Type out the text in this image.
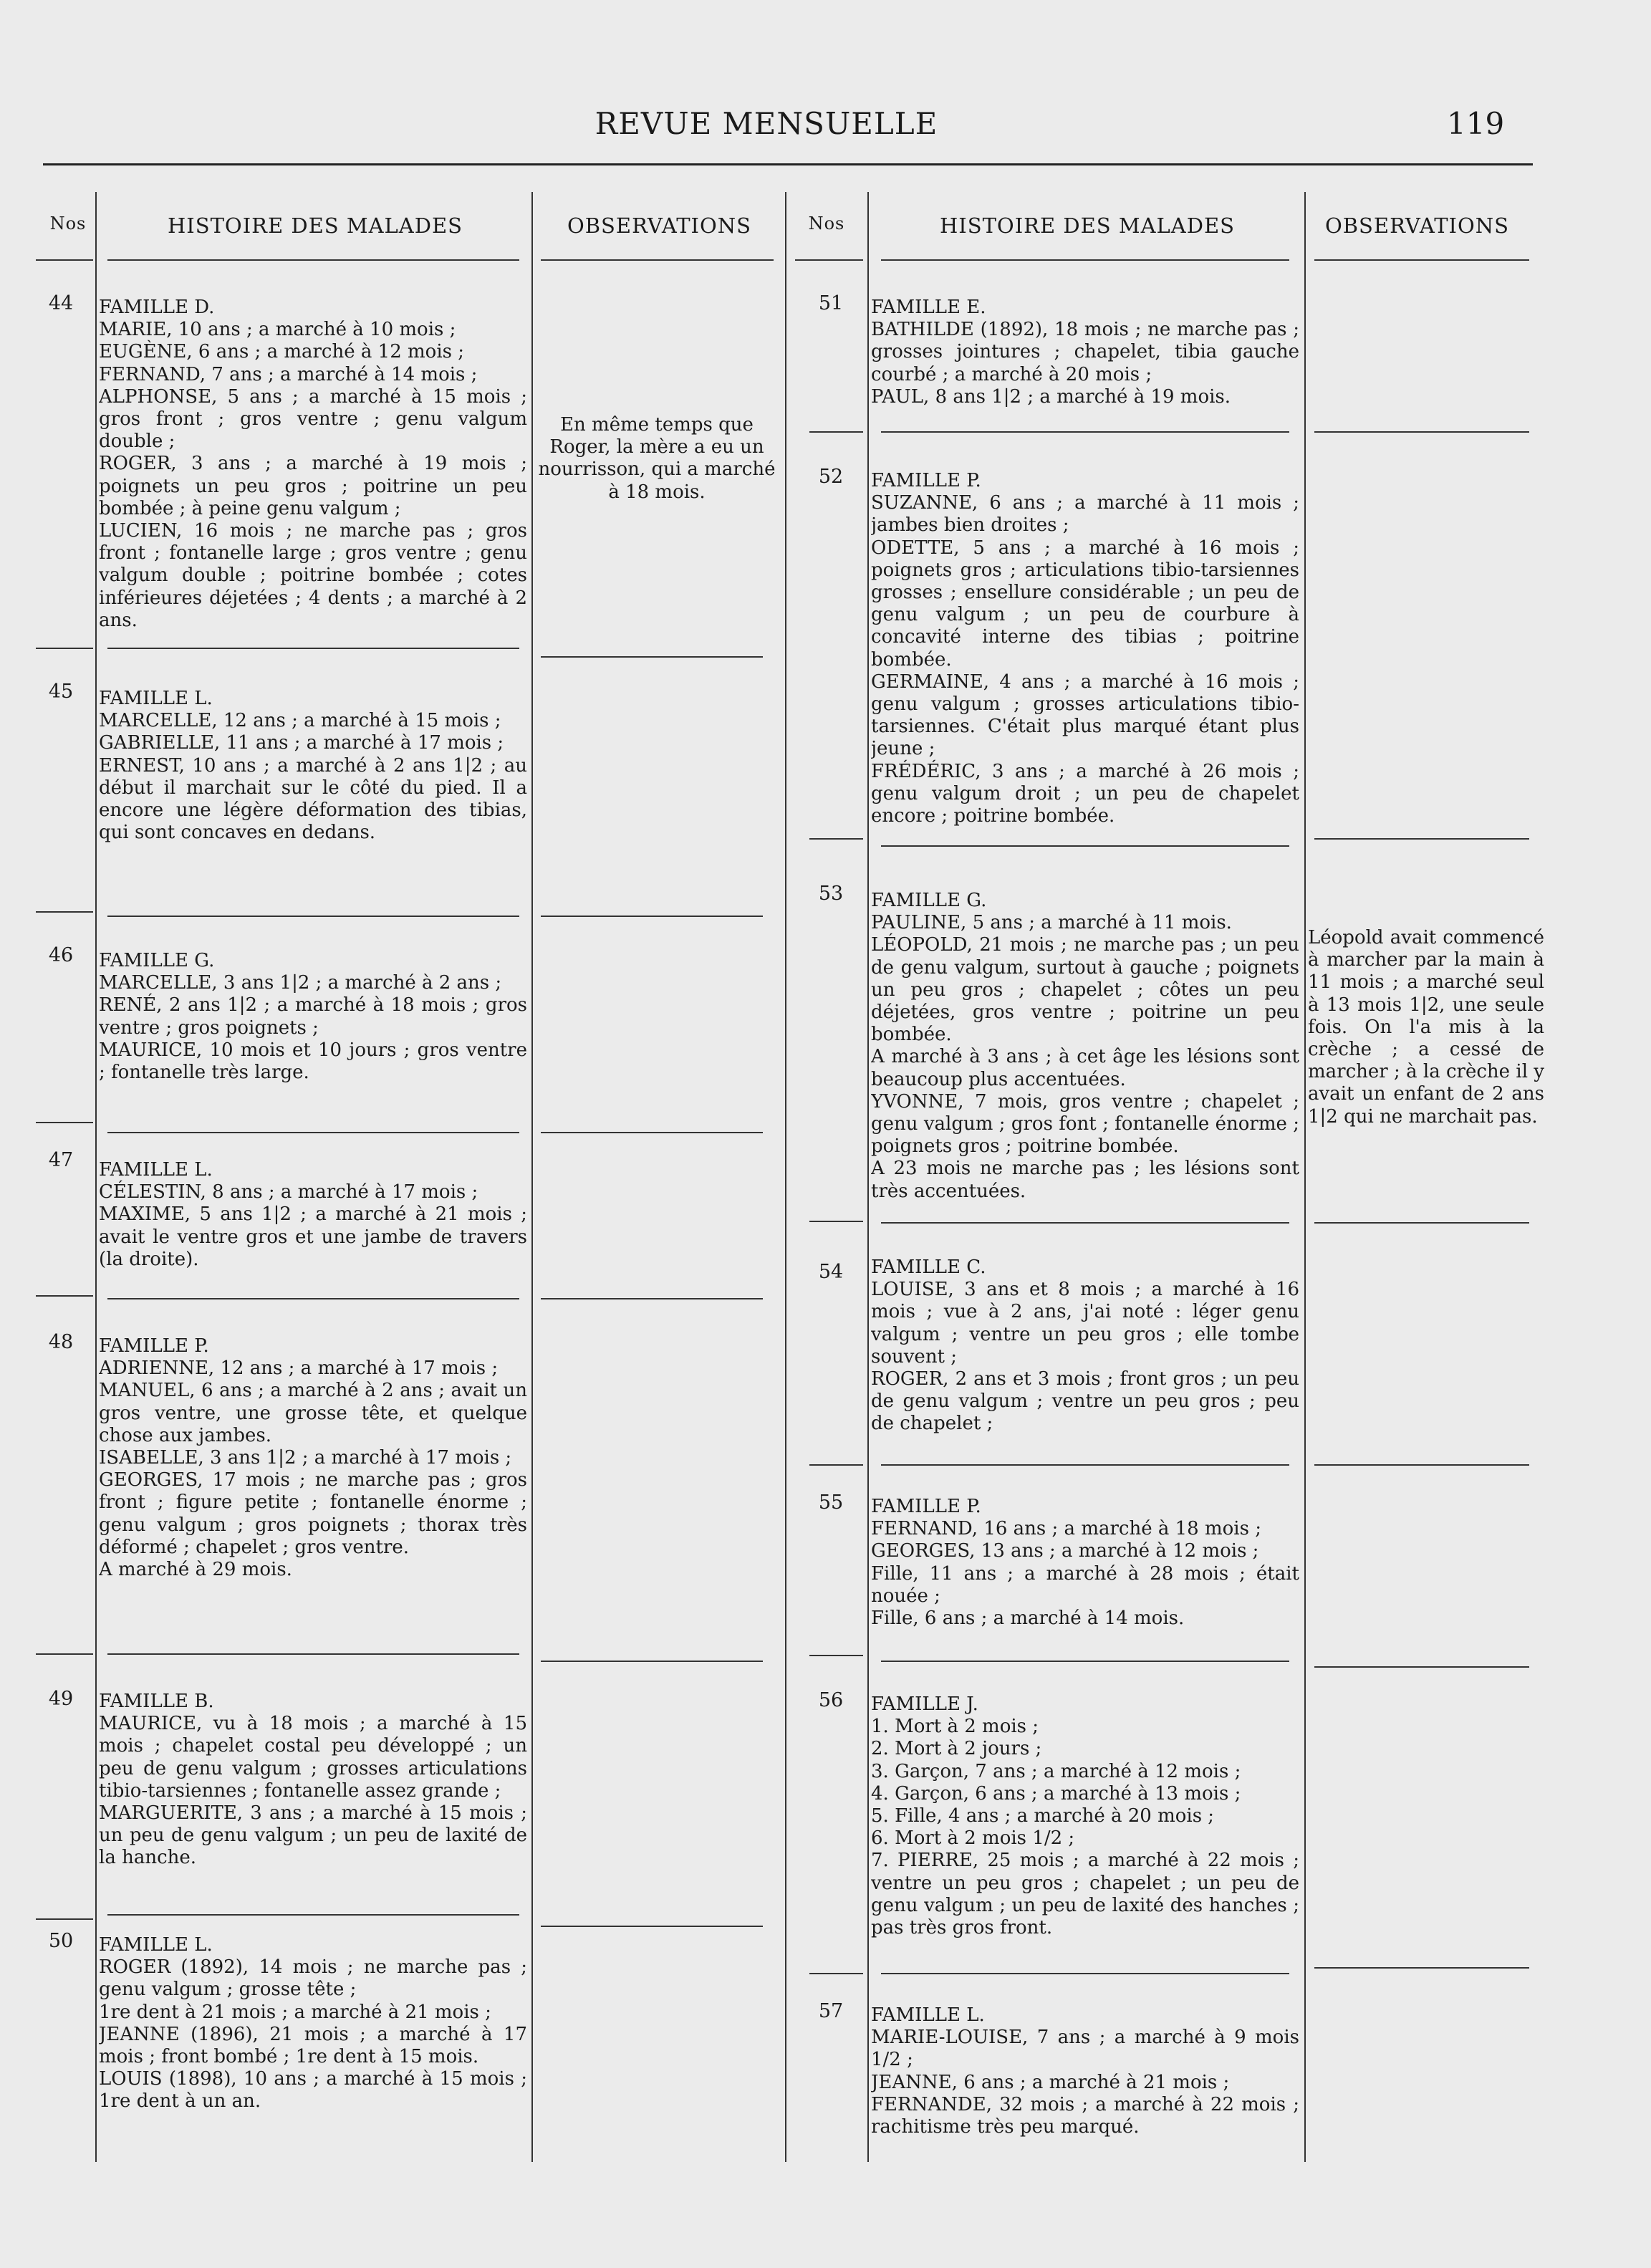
REVUE MENSUELLE	119
Nos	HISTOIRE DES MALADES	OBSERVATIONS	Nos	HISTOIRE DES MALADES	OBSERVATIONS
44	FAMILLE D.
MARIE, 10 ans ; a marché à 10 mois ;
EUGÈNE, 6 ans ; a marché à 12 mois ;
FERNAND, 7 ans ; a marché à 14 mois ;
ALPHONSE, 5 ans ; a marché à 15 mois ; gros front ; gros ventre ; genu valgum double ;
ROGER, 3 ans ; a marché à 19 mois ; poignets un peu gros ; poitrine un peu bombée ; à peine genu valgum ;
LUCIEN, 16 mois ; ne marche pas ; gros front ; fontanelle large ; gros ventre ; genu valgum double ; poitrine bombée ; cotes inférieures déjetées ; 4 dents ; a marché à 2 ans.
En même temps que Roger, la mère a eu un nourrisson, qui a marché à 18 mois.
45	FAMILLE L.
MARCELLE, 12 ans ; a marché à 15 mois ;
GABRIELLE, 11 ans ; a marché à 17 mois ;
ERNEST, 10 ans ; a marché à 2 ans 1|2 ; au début il marchait sur le côté du pied. Il a encore une légère déformation des tibias, qui sont concaves en dedans.
46	FAMILLE G.
MARCELLE, 3 ans 1|2 ; a marché à 2 ans ;
RENÉ, 2 ans 1|2 ; a marché à 18 mois ; gros ventre ; gros poignets ;
MAURICE, 10 mois et 10 jours ; gros ventre ; fontanelle très large.
47	FAMILLE L.
CÉLESTIN, 8 ans ; a marché à 17 mois ;
MAXIME, 5 ans 1|2 ; a marché à 21 mois ; avait le ventre gros et une jambe de travers (la droite).
48	FAMILLE P.
ADRIENNE, 12 ans ; a marché à 17 mois ;
MANUEL, 6 ans ; a marché à 2 ans ; avait un gros ventre, une grosse tête, et quelque chose aux jambes.
ISABELLE, 3 ans 1|2 ; a marché à 17 mois ;
GEORGES, 17 mois ; ne marche pas ; gros front ; figure petite ; fontanelle énorme ; genu valgum ; gros poignets ; thorax très déformé ; chapelet ; gros ventre.
A marché à 29 mois.
49	FAMILLE B.
MAURICE, vu à 18 mois ; a marché à 15 mois ; chapelet costal peu développé ; un peu de genu valgum ; grosses articulations tibio-tarsiennes ; fontanelle assez grande ;
MARGUERITE, 3 ans ; a marché à 15 mois ; un peu de genu valgum ; un peu de laxité de la hanche.
50	FAMILLE L.
ROGER (1892), 14 mois ; ne marche pas ; genu valgum ; grosse tête ;
1re dent à 21 mois ; a marché à 21 mois ;
JEANNE (1896), 21 mois ; a marché à 17 mois ; front bombé ; 1re dent à 15 mois.
LOUIS (1898), 10 ans ; a marché à 15 mois ; 1re dent à un an.
51	FAMILLE E.
BATHILDE (1892), 18 mois ; ne marche pas ; grosses jointures ; chapelet, tibia gauche courbé ; a marché à 20 mois ;
PAUL, 8 ans 1|2 ; a marché à 19 mois.
52	FAMILLE P.
SUZANNE, 6 ans ; a marché à 11 mois ; jambes bien droites ;
ODETTE, 5 ans ; a marché à 16 mois ; poignets gros ; articulations tibio-tarsiennes grosses ; ensellure considérable ; un peu de genu valgum ; un peu de courbure à concavité interne des tibias ; poitrine bombée.
GERMAINE, 4 ans ; a marché à 16 mois ; genu valgum ; grosses articulations tibio-tarsiennes. C'était plus marqué étant plus jeune ;
FRÉDÉRIC, 3 ans ; a marché à 26 mois ; genu valgum droit ; un peu de chapelet encore ; poitrine bombée.
53	FAMILLE G.
PAULINE, 5 ans ; a marché à 11 mois.
LÉOPOLD, 21 mois ; ne marche pas ; un peu de genu valgum, surtout à gauche ; poignets un peu gros ; chapelet ; côtes un peu déjetées, gros ventre ; poitrine un peu bombée.
A marché à 3 ans ; à cet âge les lésions sont beaucoup plus accentuées.
YVONNE, 7 mois, gros ventre ; chapelet ; genu valgum ; gros font ; fontanelle énorme ; poignets gros ; poitrine bombée.
A 23 mois ne marche pas ; les lésions sont très accentuées.
Léopold avait commencé à marcher par la main à 11 mois ; a marché seul à 13 mois 1|2, une seule fois. On l'a mis à la crèche ; a cessé de marcher ; à la crèche il y avait un enfant de 2 ans 1|2 qui ne marchait pas.
54	FAMILLE C.
LOUISE, 3 ans et 8 mois ; a marché à 16 mois ; vue à 2 ans, j'ai noté : léger genu valgum ; ventre un peu gros ; elle tombe souvent ;
ROGER, 2 ans et 3 mois ; front gros ; un peu de genu valgum ; ventre un peu gros ; peu de chapelet ;
55	FAMILLE P.
FERNAND, 16 ans ; a marché à 18 mois ;
GEORGES, 13 ans ; a marché à 12 mois ;
Fille, 11 ans ; a marché à 28 mois ; était nouée ;
Fille, 6 ans ; a marché à 14 mois.
56	FAMILLE J.
1. Mort à 2 mois ;
2. Mort à 2 jours ;
3. Garçon, 7 ans ; a marché à 12 mois ;
4. Garçon, 6 ans ; a marché à 13 mois ;
5. Fille, 4 ans ; a marché à 20 mois ;
6. Mort à 2 mois 1/2 ;
7. PIERRE, 25 mois ; a marché à 22 mois ; ventre un peu gros ; chapelet ; un peu de genu valgum ; un peu de laxité des hanches ; pas très gros front.
57	FAMILLE L.
MARIE-LOUISE, 7 ans ; a marché à 9 mois 1/2 ;
JEANNE, 6 ans ; a marché à 21 mois ;
FERNANDE, 32 mois ; a marché à 22 mois ; rachitisme très peu marqué.
